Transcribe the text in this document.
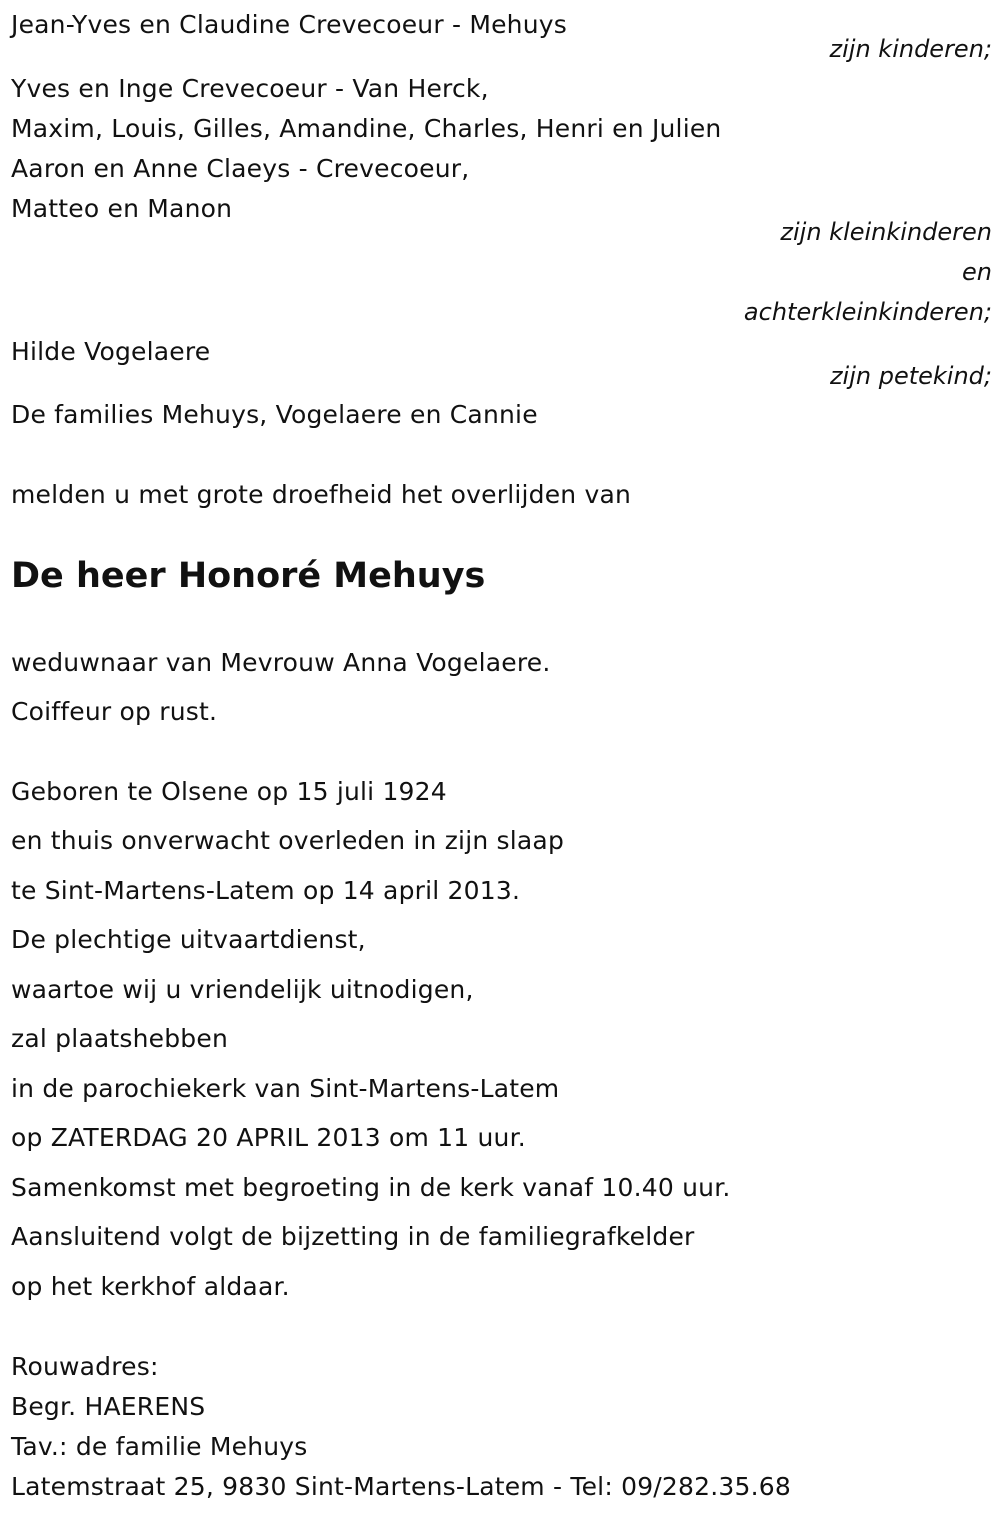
Jean-Yves en Claudine Crevecoeur - Mehuys
zijn kinderen;
Yves en Inge Crevecoeur - Van Herck,
Maxim, Louis, Gilles, Amandine, Charles, Henri en Julien
Aaron en Anne Claeys - Crevecoeur,
Matteo en Manon
zijn kleinkinderen
en
achterkleinkinderen;
Hilde Vogelaere
zijn petekind;
De families Mehuys, Vogelaere en Cannie
melden u met grote droefheid het overlijden van
De heer Honoré Mehuys
weduwnaar van Mevrouw Anna Vogelaere.
Coiffeur op rust.
Geboren te Olsene op 15 juli 1924
en thuis onverwacht overleden in zijn slaap
te Sint-Martens-Latem op 14 april 2013.
De plechtige uitvaartdienst,
waartoe wij u vriendelijk uitnodigen,
zal plaatshebben
in de parochiekerk van Sint-Martens-Latem
op ZATERDAG 20 APRIL 2013 om 11 uur.
Samenkomst met begroeting in de kerk vanaf 10.40 uur.
Aansluitend volgt de bijzetting in de familiegrafkelder
op het kerkhof aldaar.
Rouwadres:
Begr. HAERENS
Tav.: de familie Mehuys
Latemstraat 25, 9830 Sint-Martens-Latem - Tel: 09/282.35.68
